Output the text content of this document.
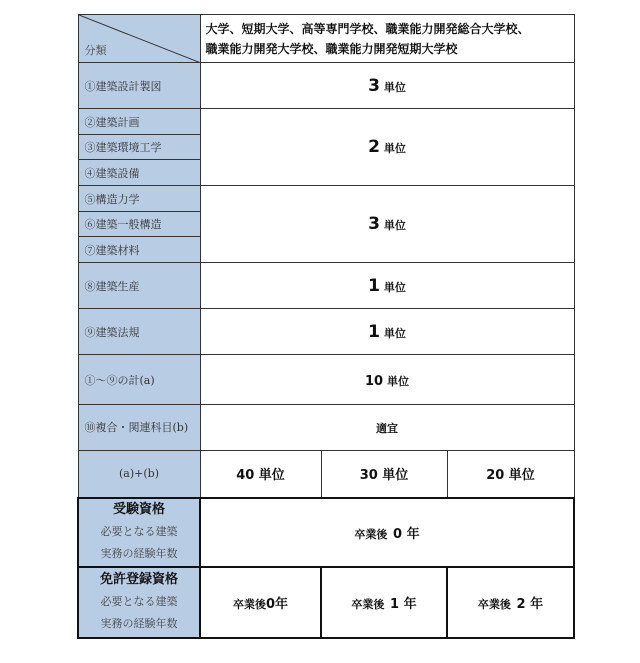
分類	大学、短期大学、高等専門学校、職業能力開発総合大学校、
職業能力開発大学校、職業能力開発短期大学校		

①建築設計製図	3 単位		
②建築計画	2 単位		
③建築環境工学			
④建築設備			
⑤構造力学	3 単位		
⑥建築一般構造			
⑦建築材料			
⑧建築生産	1 単位		
⑨建築法規	1 単位		
①〜⑨の計(a)	10 単位		
⑩複合・関連科目(b)	適宜		
(a)+(b)	40 単位	30 単位	20 単位

受験資格
必要となる建築
実務の経験年数	卒業後 0 年		

免許登録資格
必要となる建築
実務の経験年数	卒業後0年	卒業後 1 年	卒業後 2 年
